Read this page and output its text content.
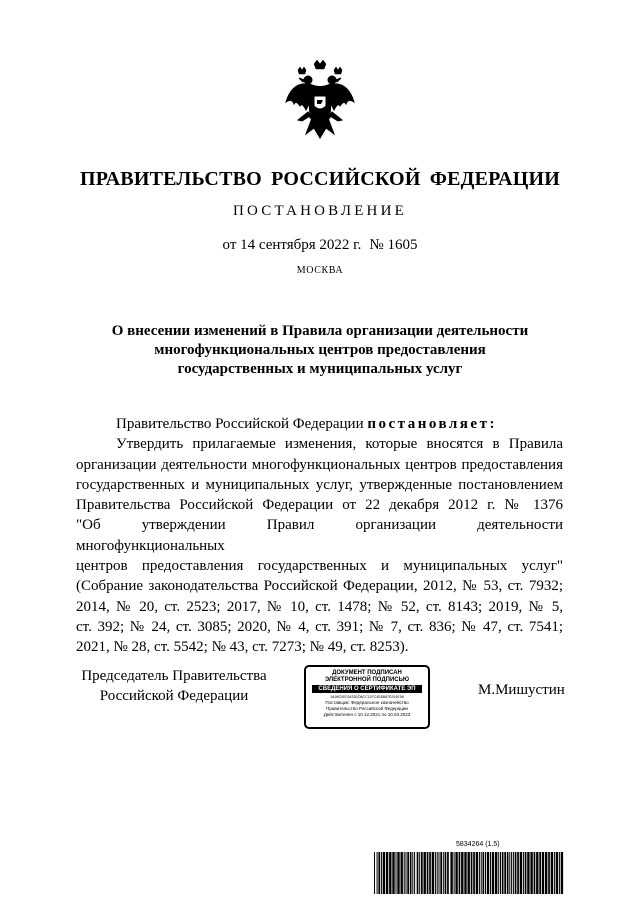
ПРАВИТЕЛЬСТВО РОССИЙСКОЙ ФЕДЕРАЦИИ
ПОСТАНОВЛЕНИЕ
от 14 сентября 2022 г. № 1605
МОСКВА
О внесении изменений в Правила организации деятельности
многофункциональных центров предоставления
государственных и муниципальных услуг
Правительство Российской Федерации постановляет:
Утвердить прилагаемые изменения, которые вносятся в Правила
организации деятельности многофункциональных центров предоставления
государственных и муниципальных услуг, утвержденные постановлением
Правительства Российской Федерации от 22 декабря 2012 г. № 1376
"Об утверждении Правил организации деятельности многофункциональных
центров предоставления государственных и муниципальных услуг"
(Собрание законодательства Российской Федерации, 2012, № 53, ст. 7932;
2014, № 20, ст. 2523; 2017, № 10, ст. 1478; № 52, ст. 8143; 2019, № 5,
ст. 392; № 24, ст. 3085; 2020, № 4, ст. 391; № 7, ст. 836; № 47, ст. 7541;
2021, № 28, ст. 5542; № 43, ст. 7273; № 49, ст. 8253).
Председатель Правительства
Российской Федерации
ДОКУМЕНТ ПОДПИСАН
ЭЛЕКТРОННОЙ ПОДПИСЬЮ
СВЕДЕНИЯ О СЕРТИФИКАТЕ ЭП
1A98C0E03433ED8CC11FC4E8B87E291E58
Поставщик: Федеральное казначейство
Правительство Российской Федерации
Действителен с 10.12.2021 по 10.03.2023
М.Мишустин
5834264 (1.5)
